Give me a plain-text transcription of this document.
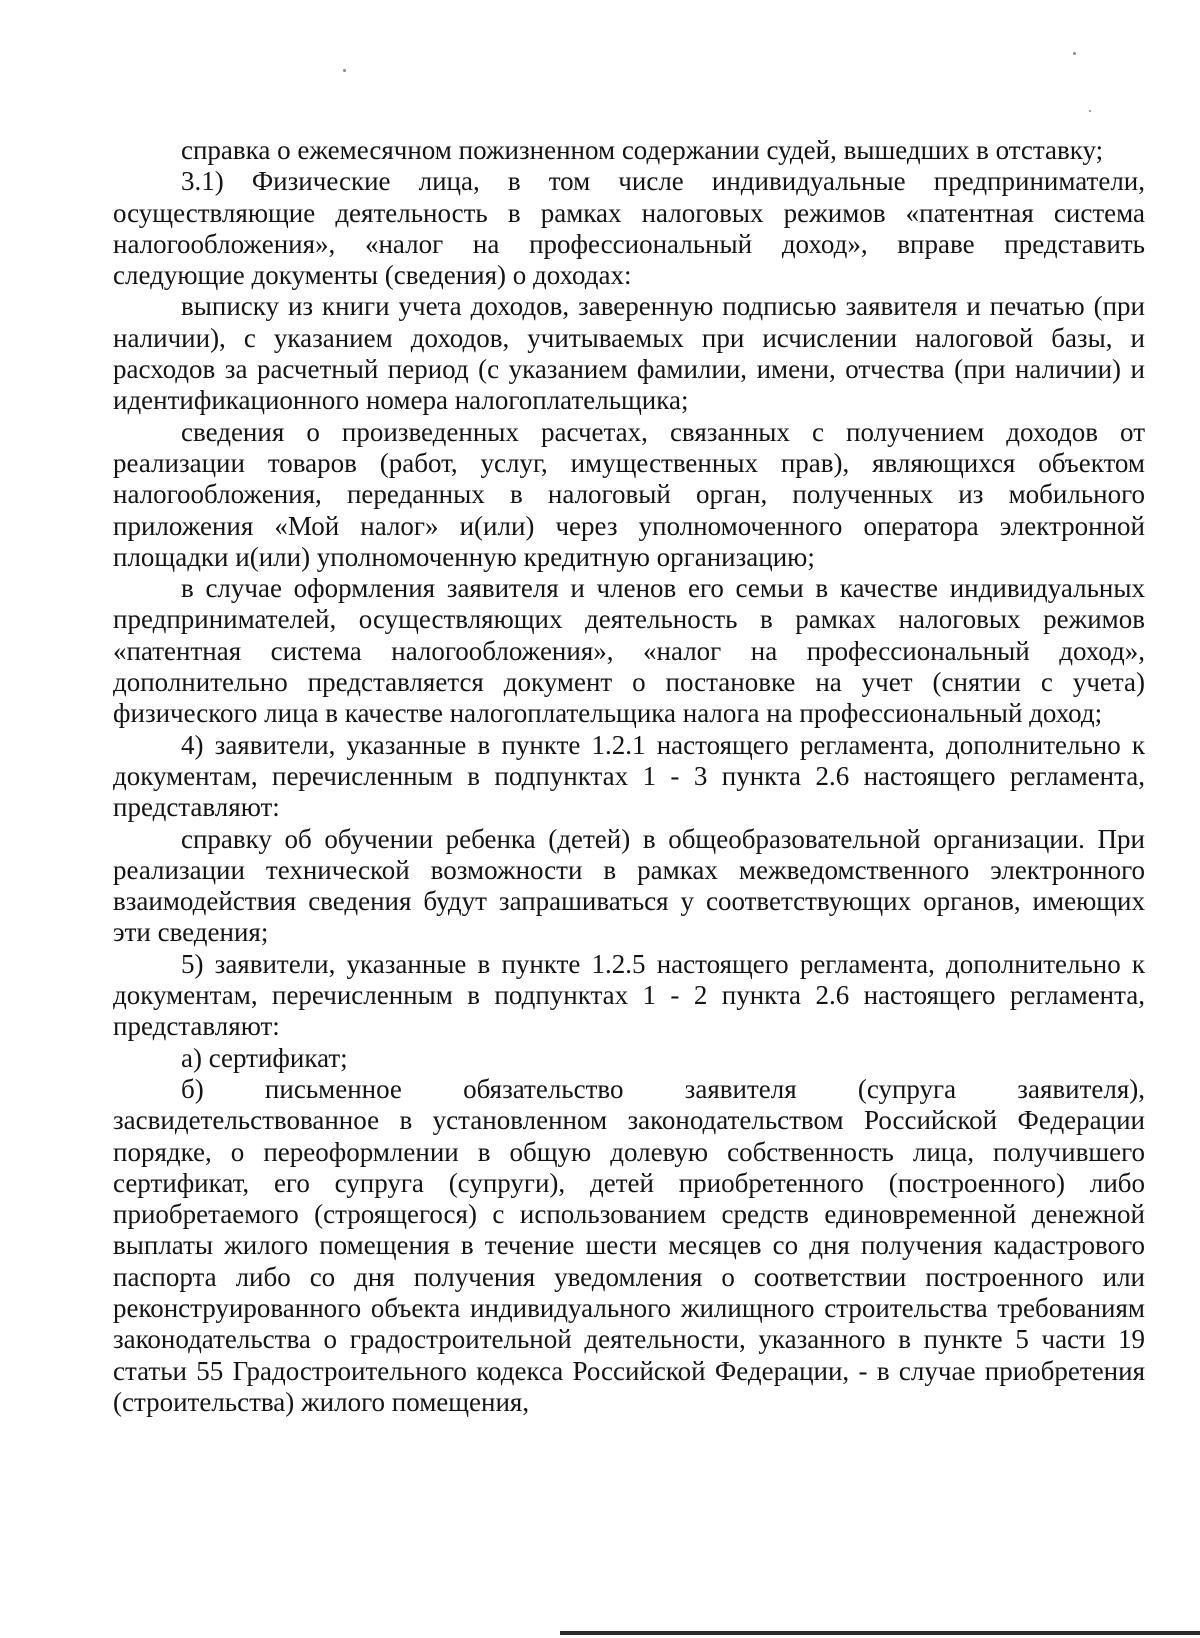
справка о ежемесячном пожизненном содержании судей, вышедших в отставку;

3.1) Физические лица, в том числе индивидуальные предприниматели, осуществляющие деятельность в рамках налоговых режимов «патентная система налогообложения», «налог на профессиональный доход», вправе представить следующие документы (сведения) о доходах:

выписку из книги учета доходов, заверенную подписью заявителя и печатью (при наличии), с указанием доходов, учитываемых при исчислении налоговой базы, и расходов за расчетный период (с указанием фамилии, имени, отчества (при наличии) и идентификационного номера налогоплательщика;

сведения о произведенных расчетах, связанных с получением доходов от реализации товаров (работ, услуг, имущественных прав), являющихся объектом налогообложения, переданных в налоговый орган, полученных из мобильного приложения «Мой налог» и(или) через уполномоченного оператора электронной площадки и(или) уполномоченную кредитную организацию;

в случае оформления заявителя и членов его семьи в качестве индивидуальных предпринимателей, осуществляющих деятельность в рамках налоговых режимов «патентная система налогообложения», «налог на профессиональный доход», дополнительно представляется документ о постановке на учет (снятии с учета) физического лица в качестве налогоплательщика налога на профессиональный доход;

4) заявители, указанные в пункте 1.2.1 настоящего регламента, дополнительно к документам, перечисленным в подпунктах 1 - 3 пункта 2.6 настоящего регламента, представляют:

справку об обучении ребенка (детей) в общеобразовательной организации. При реализации технической возможности в рамках межведомственного электронного взаимодействия сведения будут запрашиваться у соответствующих органов, имеющих эти сведения;

5) заявители, указанные в пункте 1.2.5 настоящего регламента, дополнительно к документам, перечисленным в подпунктах 1 - 2 пункта 2.6 настоящего регламента, представляют:

а) сертификат;

б) письменное обязательство заявителя (супруга заявителя), засвидетельствованное в установленном законодательством Российской Федерации порядке, о переоформлении в общую долевую собственность лица, получившего сертификат, его супруга (супруги), детей приобретенного (построенного) либо приобретаемого (строящегося) с использованием средств единовременной денежной выплаты жилого помещения в течение шести месяцев со дня получения кадастрового паспорта либо со дня получения уведомления о соответствии построенного или реконструированного объекта индивидуального жилищного строительства требованиям законодательства о градостроительной деятельности, указанного в пункте 5 части 19 статьи 55 Градостроительного кодекса Российской Федерации, - в случае приобретения (строительства) жилого помещения,
